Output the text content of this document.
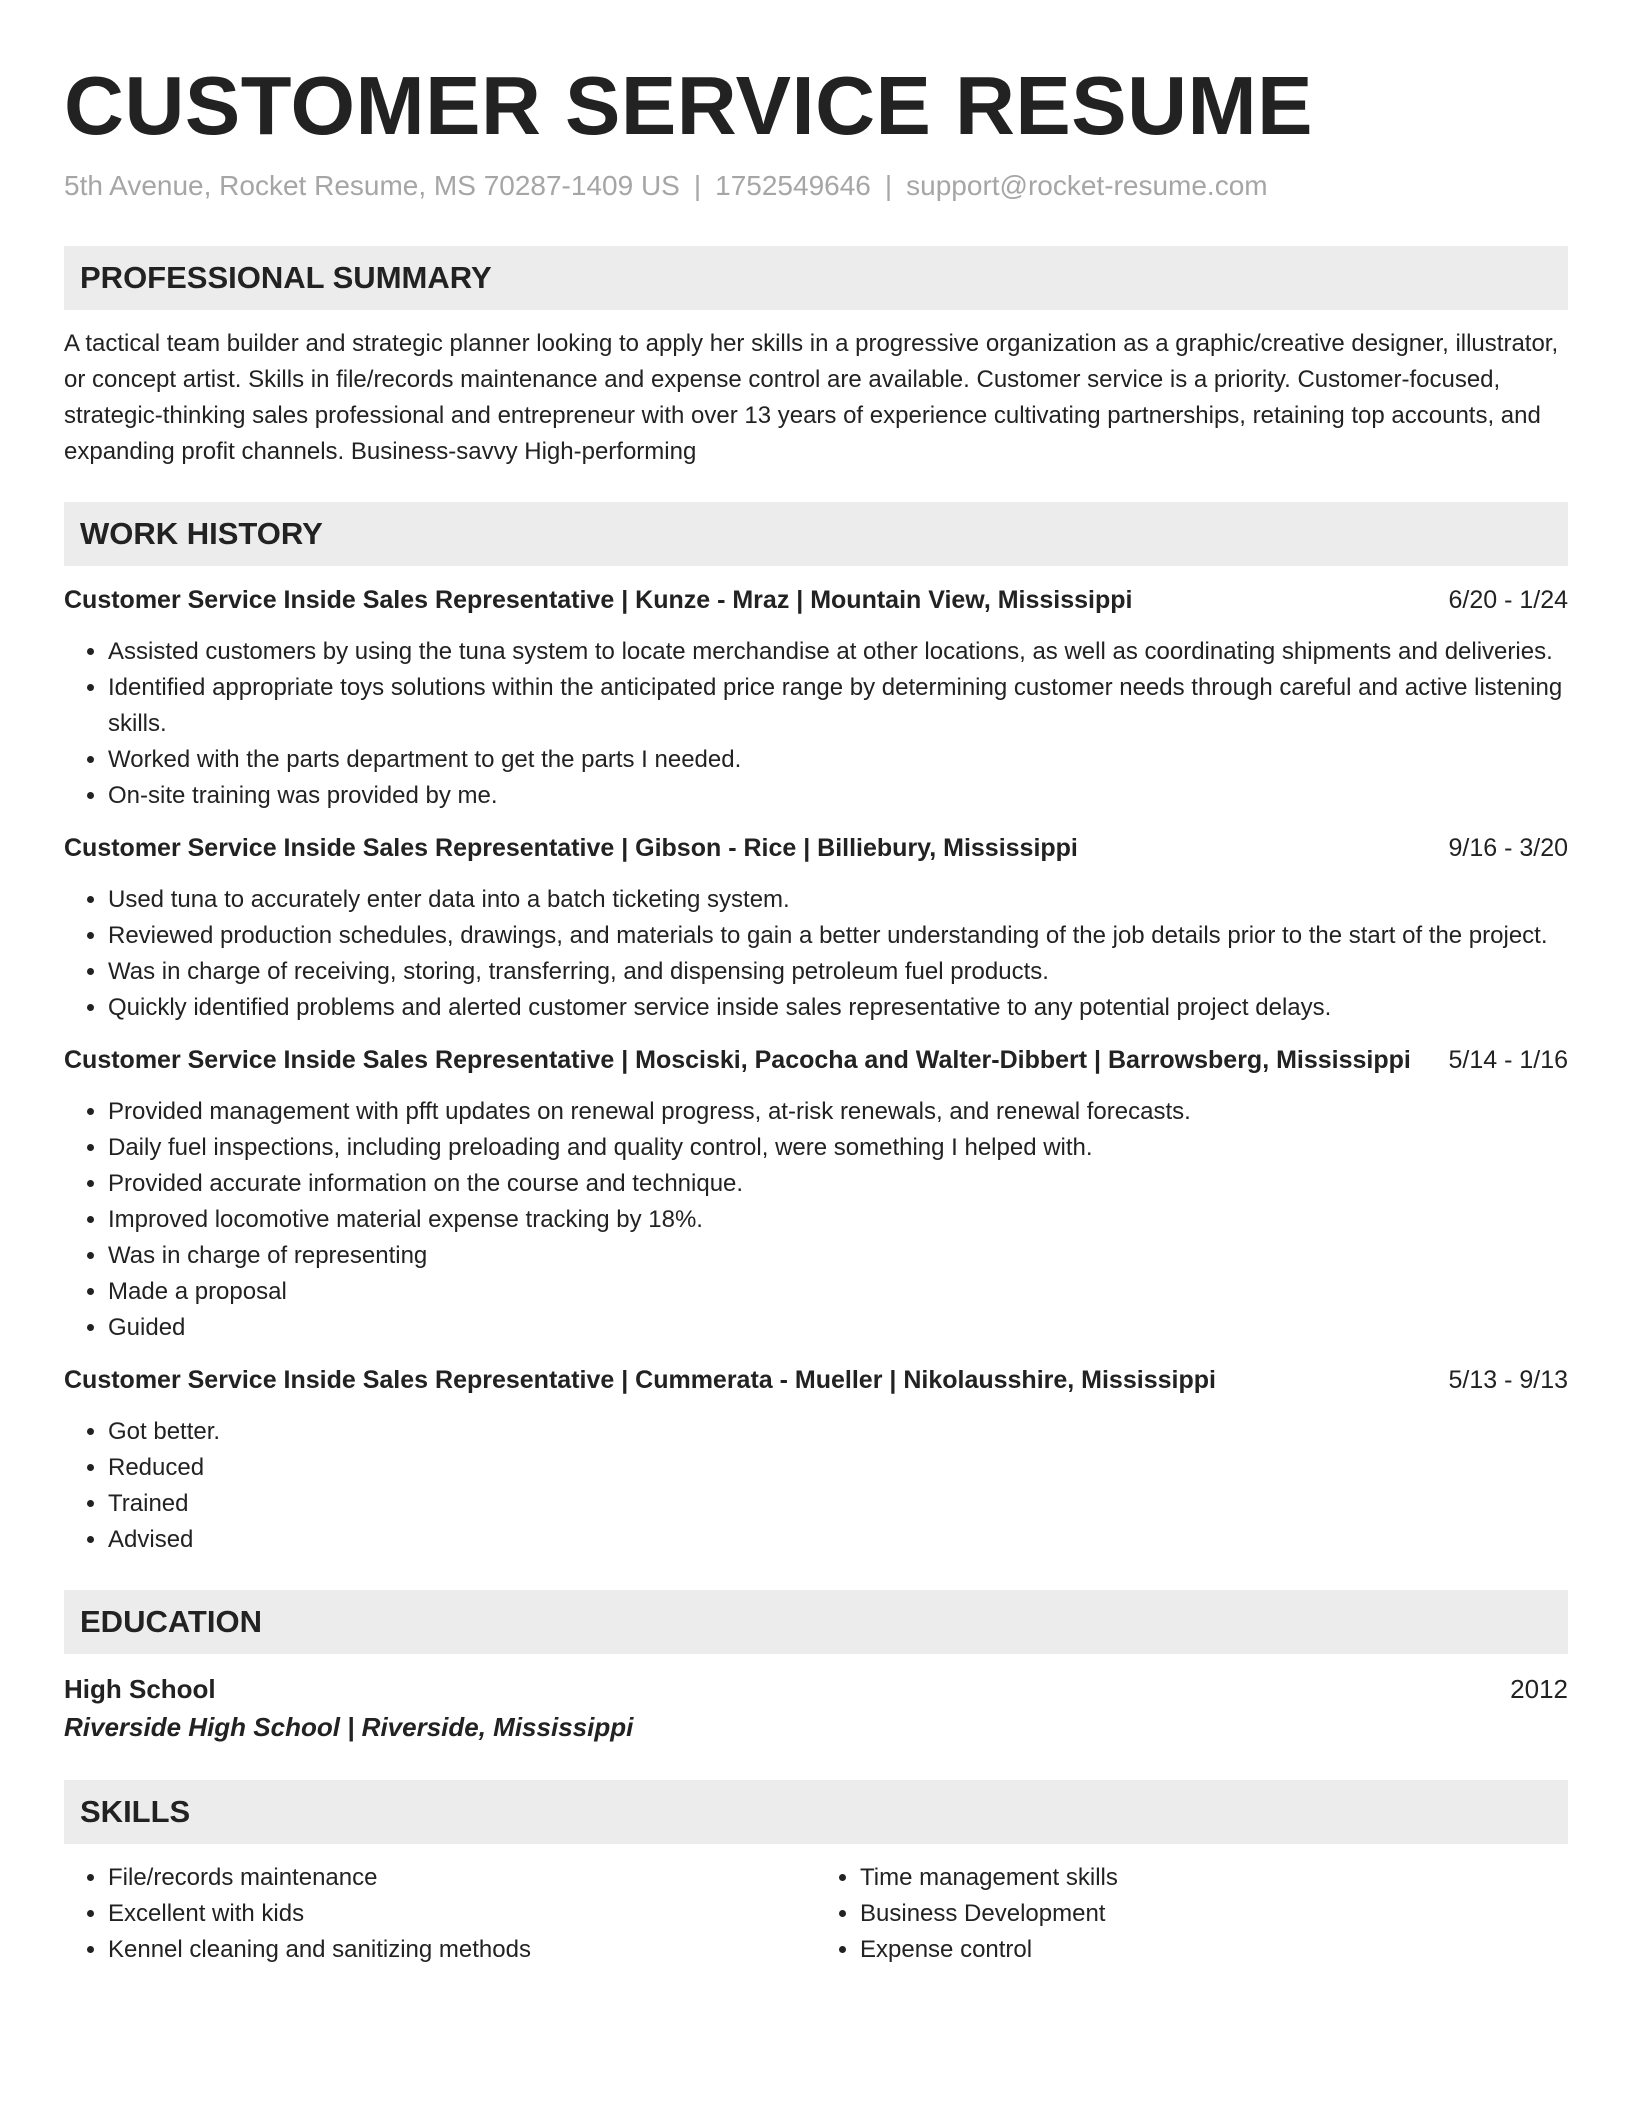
CUSTOMER SERVICE RESUME
5th Avenue, Rocket Resume, MS 70287-1409 US | 1752549646 | support@rocket-resume.com
PROFESSIONAL SUMMARY

A tactical team builder and strategic planner looking to apply her skills in a progressive organization as a graphic/creative designer, illustrator, or concept artist. Skills in file/records maintenance and expense control are available. Customer service is a priority. Customer-focused, strategic-thinking sales professional and entrepreneur with over 13 years of experience cultivating partnerships, retaining top accounts, and expanding profit channels. Business-savvy High-performing

WORK HISTORY
Customer Service Inside Sales Representative | Kunze - Mraz | Mountain View, Mississippi	6/20 - 1/24
• Assisted customers by using the tuna system to locate merchandise at other locations, as well as coordinating shipments and deliveries.
• Identified appropriate toys solutions within the anticipated price range by determining customer needs through careful and active listening skills.
• Worked with the parts department to get the parts I needed.
• On-site training was provided by me.
Customer Service Inside Sales Representative | Gibson - Rice | Billiebury, Mississippi	9/16 - 3/20
• Used tuna to accurately enter data into a batch ticketing system.
• Reviewed production schedules, drawings, and materials to gain a better understanding of the job details prior to the start of the project.
• Was in charge of receiving, storing, transferring, and dispensing petroleum fuel products.
• Quickly identified problems and alerted customer service inside sales representative to any potential project delays.
Customer Service Inside Sales Representative | Mosciski, Pacocha and Walter-Dibbert | Barrowsberg, Mississippi	5/14 - 1/16
• Provided management with pfft updates on renewal progress, at-risk renewals, and renewal forecasts.
• Daily fuel inspections, including preloading and quality control, were something I helped with.
• Provided accurate information on the course and technique.
• Improved locomotive material expense tracking by 18%.
• Was in charge of representing
• Made a proposal
• Guided
Customer Service Inside Sales Representative | Cummerata - Mueller | Nikolausshire, Mississippi	5/13 - 9/13
• Got better.
• Reduced
• Trained
• Advised
EDUCATION
High School	2012
Riverside High School | Riverside, Mississippi
SKILLS
• File/records maintenance
• Excellent with kids
• Kennel cleaning and sanitizing methods
• Time management skills
• Business Development
• Expense control
